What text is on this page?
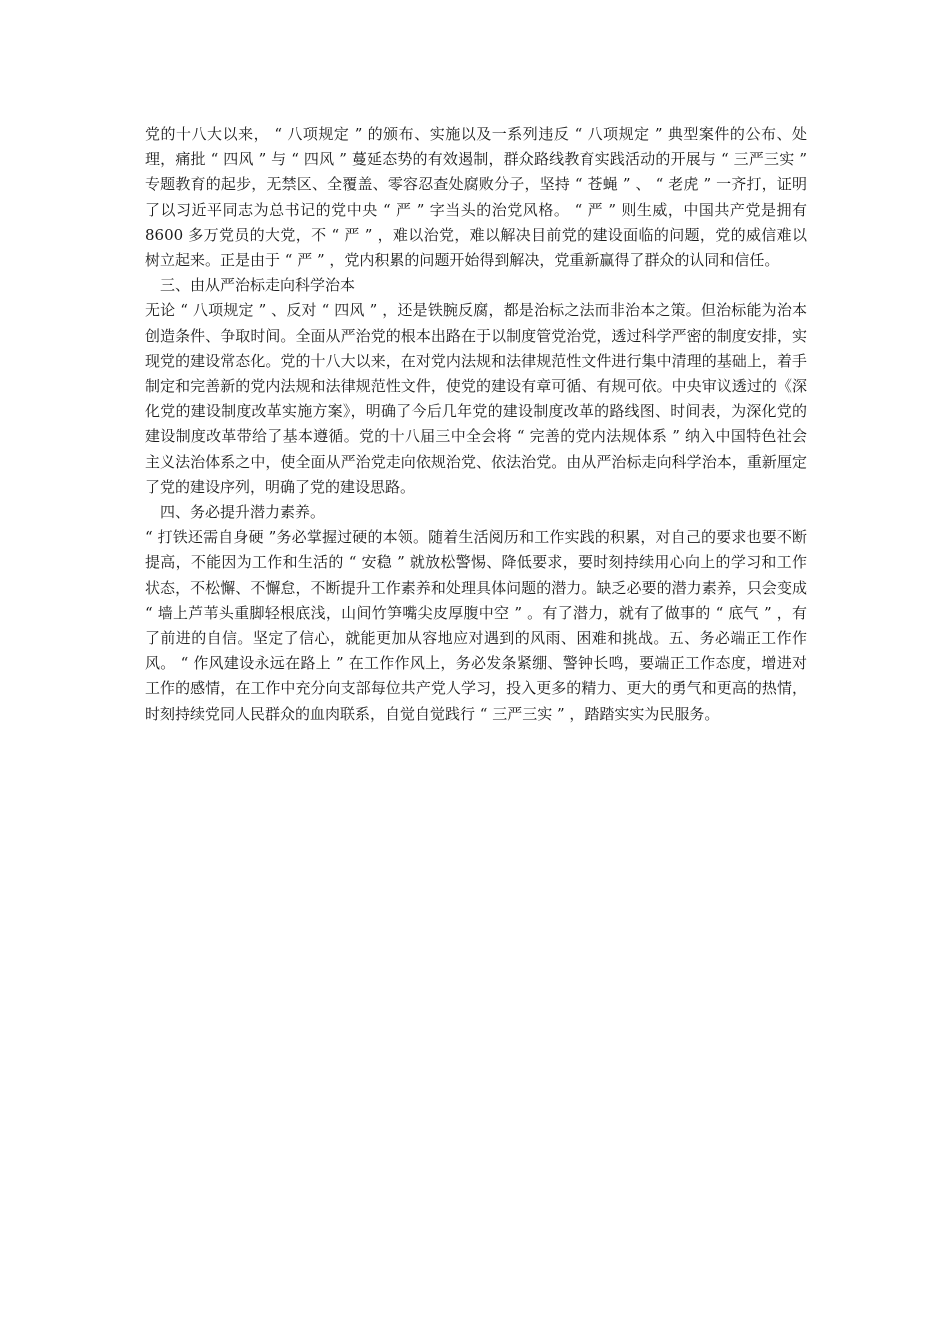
党的十八大以来， “ 八项规定 ” 的颁布、实施以及一系列违反 “ 八项规定 ” 典型案件的公布、处理，痛批 “ 四风 ” 与 “ 四风 ” 蔓延态势的有效遏制，群众路线教育实践活动的开展与 “ 三严三实 ” 专题教育的起步，无禁区、全覆盖、零容忍查处腐败分子，坚持 “ 苍蝇 ” 、 “ 老虎 ” 一齐打，证明了以习近平同志为总书记的党中央 “ 严 ” 字当头的治党风格。 “ 严 ” 则生威，中国共产党是拥有 8600 多万党员的大党，不 “ 严 ” ，难以治党，难以解决目前党的建设面临的问题，党的威信难以树立起来。正是由于 “ 严 ” ，党内积累的问题开始得到解决，党重新赢得了群众的认同和信任。

三、由从严治标走向科学治本

无论 “ 八项规定 ” 、反对 “ 四风 ” ，还是铁腕反腐，都是治标之法而非治本之策。但治标能为治本创造条件、争取时间。全面从严治党的根本出路在于以制度管党治党，透过科学严密的制度安排，实现党的建设常态化。党的十八大以来，在对党内法规和法律规范性文件进行集中清理的基础上，着手制定和完善新的党内法规和法律规范性文件，使党的建设有章可循、有规可依。中央审议透过的《深化党的建设制度改革实施方案》，明确了今后几年党的建设制度改革的路线图、时间表，为深化党的建设制度改革带给了基本遵循。党的十八届三中全会将 “ 完善的党内法规体系 ” 纳入中国特色社会主义法治体系之中，使全面从严治党走向依规治党、依法治党。由从严治标走向科学治本，重新厘定了党的建设序列，明确了党的建设思路。

四、务必提升潜力素养。

“ 打铁还需自身硬 ”务必掌握过硬的本领。随着生活阅历和工作实践的积累，对自己的要求也要不断提高，不能因为工作和生活的 “ 安稳 ” 就放松警惕、降低要求，要时刻持续用心向上的学习和工作状态，不松懈、不懈怠，不断提升工作素养和处理具体问题的潜力。缺乏必要的潜力素养，只会变成 “ 墙上芦苇头重脚轻根底浅，山间竹笋嘴尖皮厚腹中空 ” 。有了潜力，就有了做事的 “ 底气 ” ，有了前进的自信。坚定了信心，就能更加从容地应对遇到的风雨、困难和挑战。五、务必端正工作作风。 “ 作风建设永远在路上 ” 在工作作风上，务必发条紧绷、警钟长鸣，要端正工作态度，增进对工作的感情，在工作中充分向支部每位共产党人学习，投入更多的精力、更大的勇气和更高的热情，时刻持续党同人民群众的血肉联系，自觉自觉践行 “ 三严三实 ” ，踏踏实实为民服务。
